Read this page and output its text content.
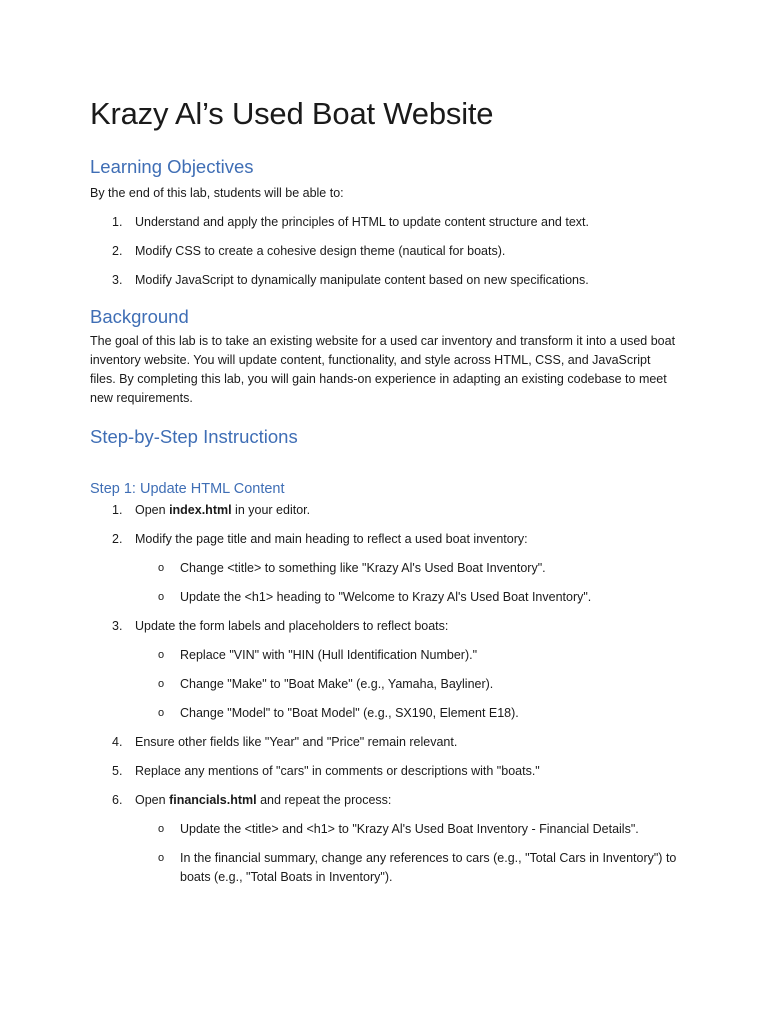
Krazy Al’s Used Boat Website
Learning Objectives

By the end of this lab, students will be able to:

1. Understand and apply the principles of HTML to update content structure and text.
2. Modify CSS to create a cohesive design theme (nautical for boats).
3. Modify JavaScript to dynamically manipulate content based on new specifications.
Background

The goal of this lab is to take an existing website for a used car inventory and transform it into a used boat inventory website. You will update content, functionality, and style across HTML, CSS, and JavaScript files. By completing this lab, you will gain hands-on experience in adapting an existing codebase to meet new requirements.

Step-by-Step Instructions
Step 1: Update HTML Content
1. Open index.html in your editor.
2. Modify the page title and main heading to reflect a used boat inventory:
o Change <title> to something like "Krazy Al's Used Boat Inventory".
o Update the <h1> heading to "Welcome to Krazy Al's Used Boat Inventory".
3. Update the form labels and placeholders to reflect boats:
o Replace "VIN" with "HIN (Hull Identification Number)."
o Change "Make" to "Boat Make" (e.g., Yamaha, Bayliner).
o Change "Model" to "Boat Model" (e.g., SX190, Element E18).
4. Ensure other fields like "Year" and "Price" remain relevant.
5. Replace any mentions of "cars" in comments or descriptions with "boats."
6. Open financials.html and repeat the process:
o Update the <title> and <h1> to "Krazy Al's Used Boat Inventory - Financial Details".
o In the financial summary, change any references to cars (e.g., "Total Cars in Inventory") to boats (e.g., "Total Boats in Inventory").
